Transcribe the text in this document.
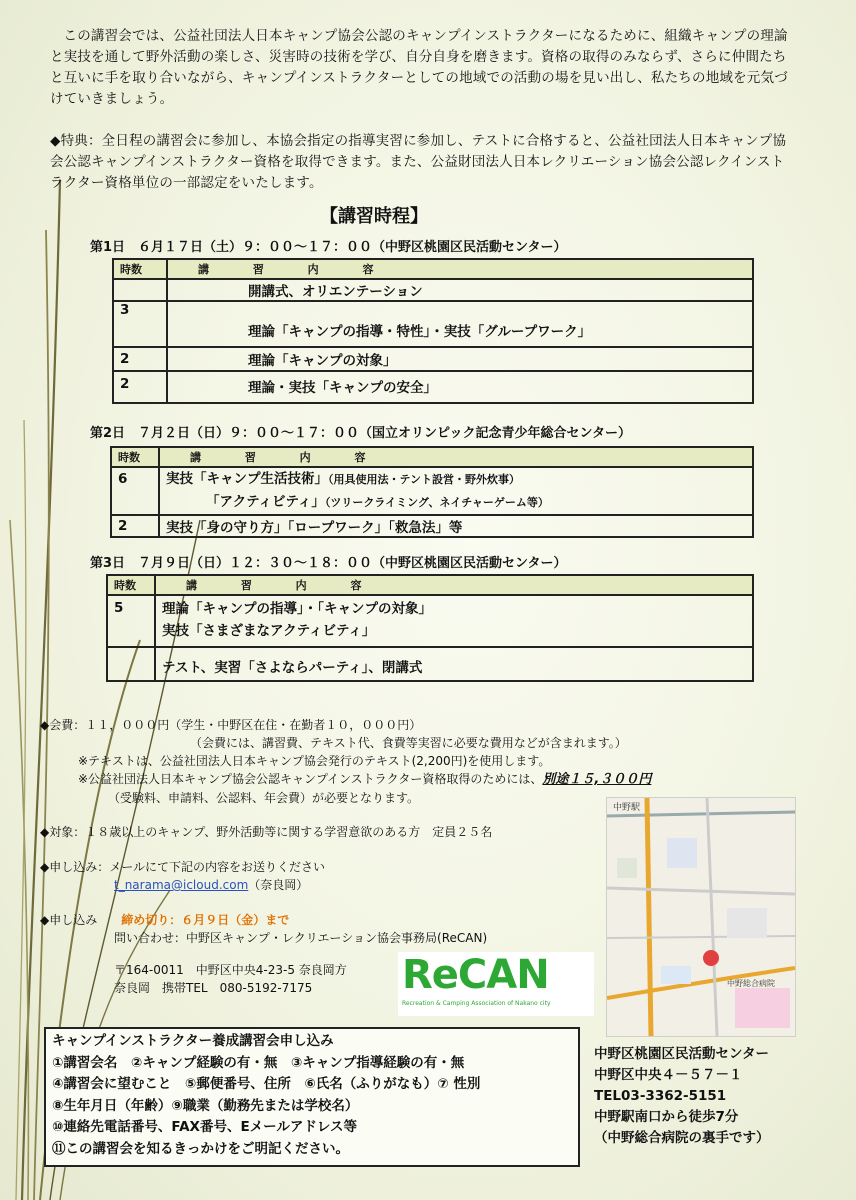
この講習会では、公益社団法人日本キャンプ協会公認のキャンプインストラクターになるために、組織キャンプの理論と実技を通して野外活動の楽しさ、災害時の技術を学び、自分自身を磨きます。資格の取得のみならず、さらに仲間たちと互いに手を取り合いながら、キャンプインストラクターとしての地域での活動の場を見い出し、私たちの地域を元気づけていきましょう。
◆特典：全日程の講習会に参加し、本協会指定の指導実習に参加し、テストに合格すると、公益社団法人日本キャンプ協会公認キャンプインストラクター資格を取得できます。また、公益財団法人日本レクリエーション協会公認レクインストラクター資格単位の一部認定をいたします。
【講習時程】
第1日　６月１７日（土）９：００～１７：００（中野区桃園区民活動センター）
時数	講 習 内 容
	開講式、オリエンテーション
3	理論「キャンプの指導・特性」・実技「グループワーク」
2	理論「キャンプの対象」
2	理論・実技「キャンプの安全」
第2日　７月２日（日）９：００～１７：００（国立オリンピック記念青少年総合センター）
時数	講 習 内 容
6	実技「キャンプ生活技術」（用具使用法・テント設営・野外炊事）
「アクティビティ」（ツリークライミング、ネイチャーゲーム等）
2	実技「身の守り方」「ロープワーク」「救急法」等
第3日　７月９日（日）１２：３０～１８：００（中野区桃園区民活動センター）
時数	講 習 内 容
5	理論「キャンプの指導」・「キャンプの対象」
実技「さまざまなアクティビティ」
	テスト、実習「さよならパーティ」、閉講式
◆会費：１１，０００円（学生・中野区在住・在勤者１０，０００円）
（会費には、講習費、テキスト代、食費等実習に必要な費用などが含まれます。）
※テキストは、公益社団法人日本キャンプ協会発行のテキスト(2,200円)を使用します。
※公益社団法人日本キャンプ協会公認キャンプインストラクター資格取得のためには、別途１５,３００円
（受験料、申請料、公認料、年会費）が必要となります。
◆対象：１８歳以上のキャンプ、野外活動等に関する学習意欲のある方　定員２５名
◆申し込み：メールにて下記の内容をお送りください
t_narama@icloud.com（奈良岡）
◆申し込み　　 締め切り：６月９日（金）まで
問い合わせ：中野区キャンプ・レクリエーション協会事務局(ReCAN)
〒164-0011　中野区中央4-23-5 奈良岡方
奈良岡　携帯TEL　080‐5192‐7175	ReCAN
Recreation & Camping Association of Nakano city
中野駅
中野総合病院
キャンプインストラクター養成講習会申し込み
①講習会名　②キャンプ経験の有・無　③キャンプ指導経験の有・無
④講習会に望むこと　⑤郵便番号、住所　⑥氏名（ふりがなも）⑦ 性別
⑧生年月日（年齢）⑨職業（勤務先または学校名）
⑩連絡先電話番号、FAX番号、Eメールアドレス等
⑪この講習会を知るきっかけをご明記ください。
中野区桃園区民活動センター
中野区中央４－５７－１
TEL03‐3362‐5151
中野駅南口から徒歩7分
（中野総合病院の裏手です）
